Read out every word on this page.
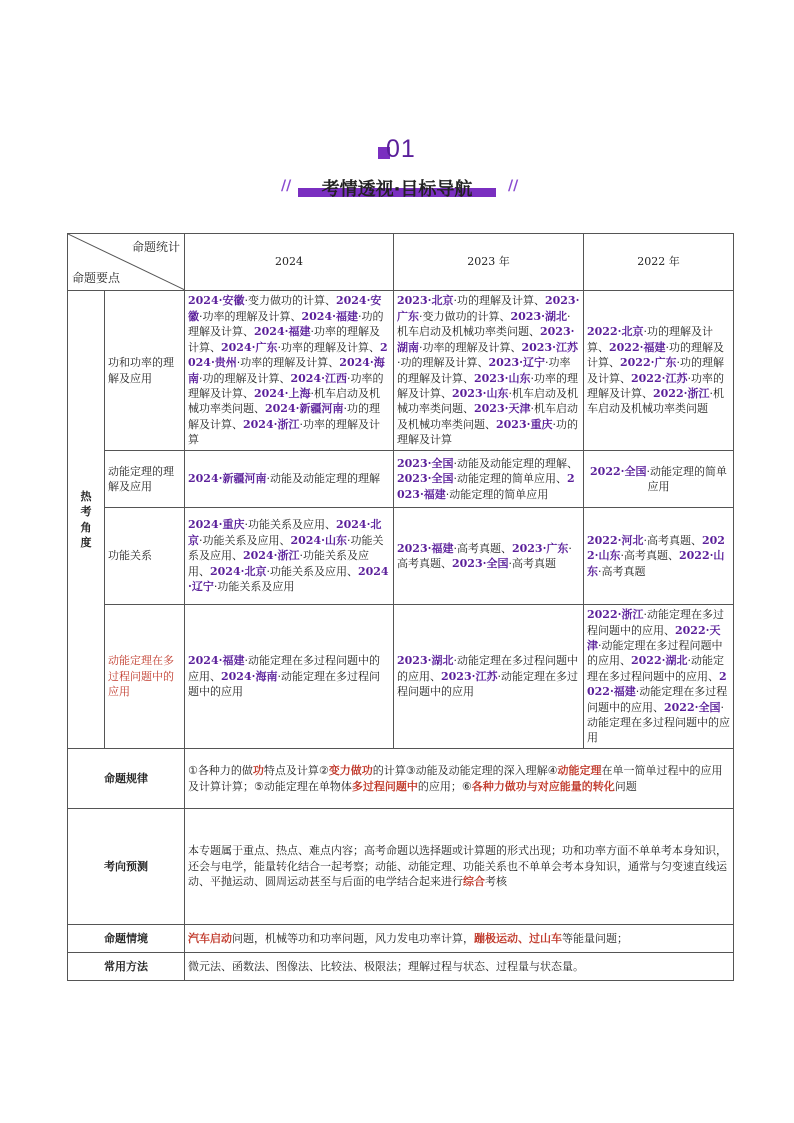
01
//	考情透视·目标导航	//
命题统计
命题要点		2024	2023 年	2022 年
热
考
角
度	功和功率的理解及应用	2024·安徽·变力做功的计算、2024·安徽·功率的理解及计算、2024·福建·功的理解及计算、2024·福建·功率的理解及计算、2024·广东·功率的理解及计算、2024·贵州·功率的理解及计算、2024·海南·功的理解及计算、2024·江西·功率的理解及计算、2024·上海·机车启动及机械功率类问题、2024·新疆河南·功的理解及计算、2024·浙江·功率的理解及计算	2023·北京·功的理解及计算、2023·广东·变力做功的计算、2023·湖北·机车启动及机械功率类问题、2023·湖南·功率的理解及计算、2023·江苏·功的理解及计算、2023·辽宁·功率的理解及计算、2023·山东·功率的理解及计算、2023·山东·机车启动及机械功率类问题、2023·天津·机车启动及机械功率类问题、2023·重庆·功的理解及计算	2022·北京·功的理解及计算、2022·福建·功的理解及计算、2022·广东·功的理解及计算、2022·江苏·功率的理解及计算、2022·浙江·机车启动及机械功率类问题
	动能定理的理解及应用	2024·新疆河南·动能及动能定理的理解	2023·全国·动能及动能定理的理解、2023·全国·动能定理的简单应用、2023·福建·动能定理的简单应用	2022·全国·动能定理的简单应用
	功能关系	2024·重庆·功能关系及应用、2024·北京·功能关系及应用、2024·山东·功能关系及应用、2024·浙江·功能关系及应用、2024·北京·功能关系及应用、2024·辽宁·功能关系及应用	2023·福建·高考真题、2023·广东·高考真题、2023·全国·高考真题	2022·河北·高考真题、2022·山东·高考真题、2022·山东·高考真题
	动能定理在多过程问题中的应用	2024·福建·动能定理在多过程问题中的应用、2024·海南·动能定理在多过程问题中的应用	2023·湖北·动能定理在多过程问题中的应用、2023·江苏·动能定理在多过程问题中的应用	2022·浙江·动能定理在多过程问题中的应用、2022·天津·动能定理在多过程问题中的应用、2022·湖北·动能定理在多过程问题中的应用、2022·福建·动能定理在多过程问题中的应用、2022·全国·动能定理在多过程问题中的应用
命题规律		①各种力的做功特点及计算②变力做功的计算③动能及动能定理的深入理解④动能定理在单一简单过程中的应用及计算计算；⑤动能定理在单物体多过程问题中的应用；⑥各种力做功与对应能量的转化问题		
考向预测		本专题属于重点、热点、难点内容；高考命题以选择题或计算题的形式出现；功和功率方面不单单考本身知识，还会与电学，能量转化结合一起考察；动能、动能定理、功能关系也不单单会考本身知识，通常与匀变速直线运动、平抛运动、圆周运动甚至与后面的电学结合起来进行综合考核		
命题情境		汽车启动问题，机械等功和功率问题，风力发电功率计算，蹦极运动、过山车等能量问题；		
常用方法		微元法、函数法、图像法、比较法、极限法；理解过程与状态、过程量与状态量。		
